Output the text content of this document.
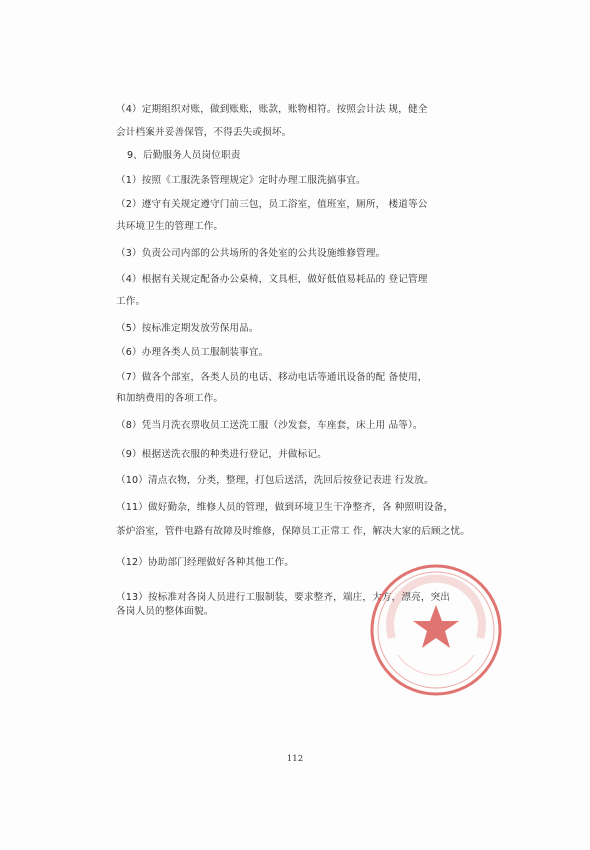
（4）定期组织对账，做到账账，账款，账物相符。按照会计法 规，健全
会计档案并妥善保管，不得丢失或损坏。
9、后勤服务人员岗位职责
（1）按照《工服洗条管理规定》定时办理工服洗搞事宜。
（2）遵守有关规定遵守门前三包，员工浴室，值班室，厕所， 楼道等公
共环境卫生的管理工作。
（3）负责公司内部的公共场所的各处室的公共设施维修管理。
（4）根据有关规定配备办公桌椅，文具柜，做好低值易耗品的 登记管理
工作。
（5）按标准定期发放劳保用品。
（6）办理各类人员工服制装事宜。
（7）做各个部室，各类人员的电话、移动电话等通讯设备的配 备使用，
和加纳费用的各项工作。
（8）凭当月洗衣票收员工送洗工服（沙发套，车座套，床上用 品等）。
（9）根据送洗衣服的种类进行登记，并做标记。
（10）清点衣物，分类，整理，打包后送活，洗回后按登记表进 行发放。
（11）做好勤杂，维修人员的管理，做到环境卫生干净整齐，各 种照明设备，
茶炉浴室，管件电路有故障及时维修，保障员工正常工 作，解决大家的后顾之忧。
（12）协助部门经理做好各种其他工作。
（13）按标准对各岗人员进行工服制装，要求整齐，端庄，大方，漂亮，突出
各岗人员的整体面貌。
112
